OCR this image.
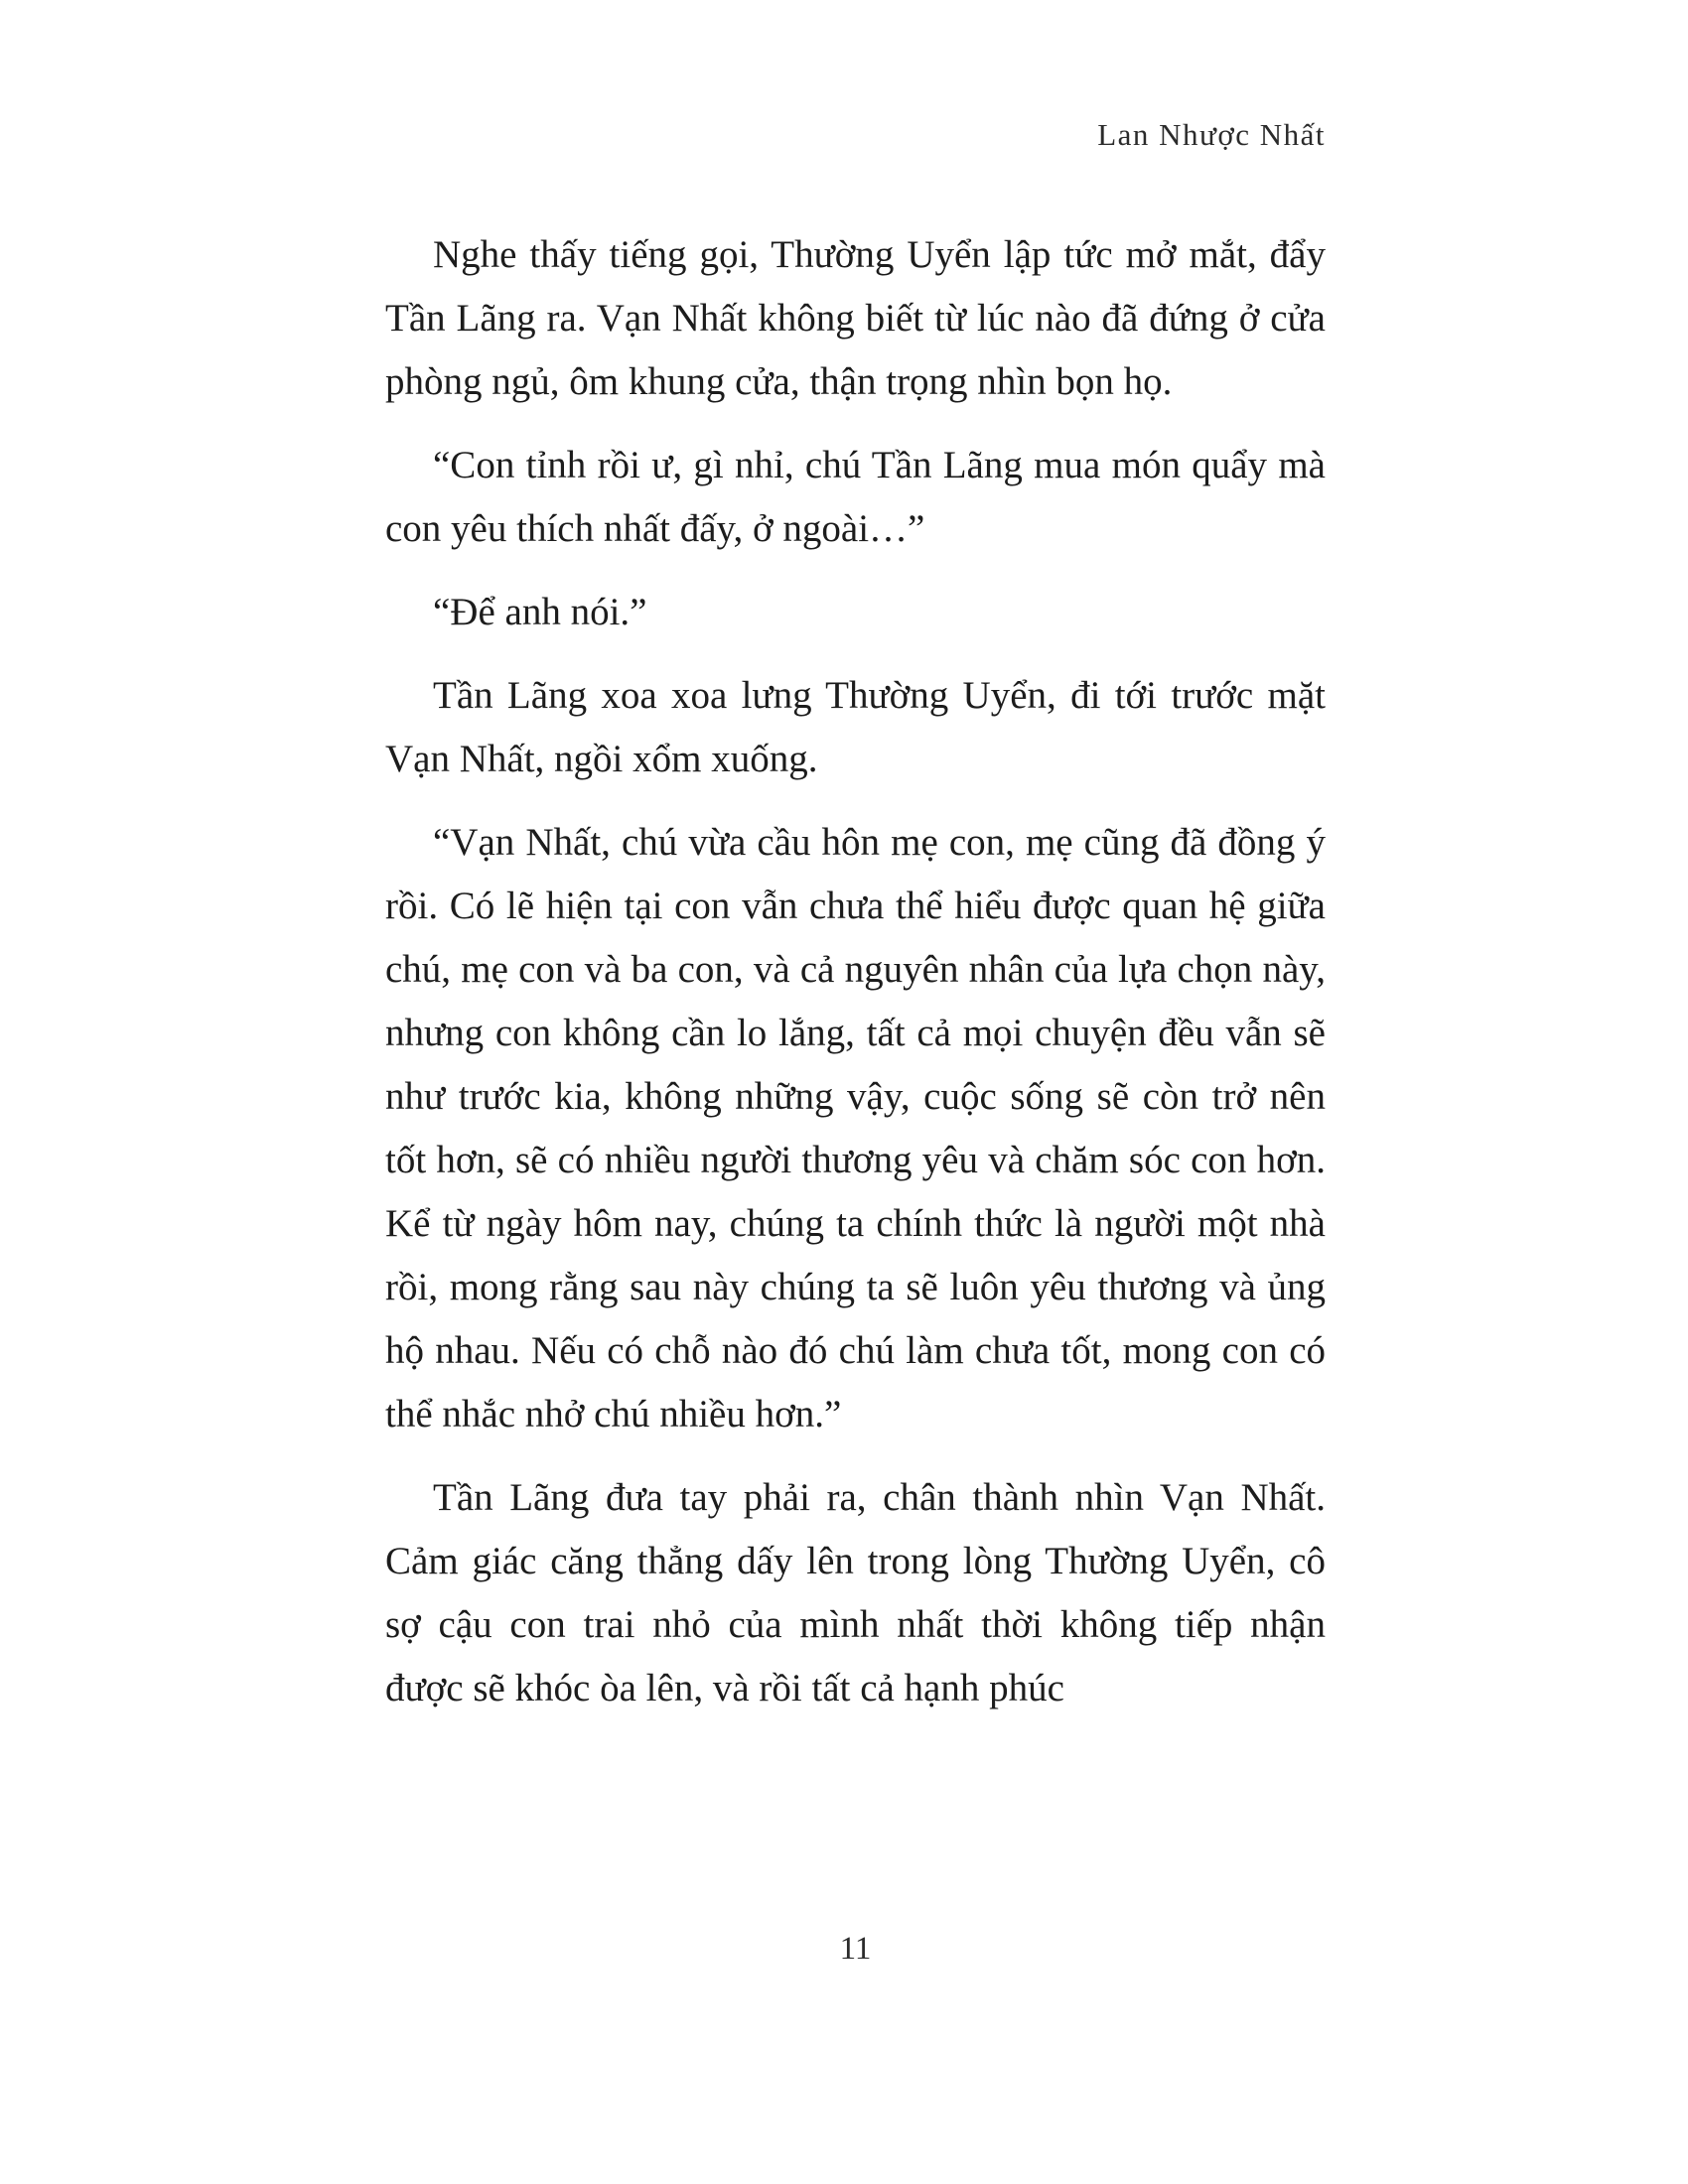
Lan Nhược Nhất

Nghe thấy tiếng gọi, Thường Uyển lập tức mở mắt, đẩy Tần Lãng ra. Vạn Nhất không biết từ lúc nào đã đứng ở cửa phòng ngủ, ôm khung cửa, thận trọng nhìn bọn họ.

“Con tỉnh rồi ư, gì nhỉ, chú Tần Lãng mua món quẩy mà con yêu thích nhất đấy, ở ngoài…”

“Để anh nói.”

Tần Lãng xoa xoa lưng Thường Uyển, đi tới trước mặt Vạn Nhất, ngồi xổm xuống.

“Vạn Nhất, chú vừa cầu hôn mẹ con, mẹ cũng đã đồng ý rồi. Có lẽ hiện tại con vẫn chưa thể hiểu được quan hệ giữa chú, mẹ con và ba con, và cả nguyên nhân của lựa chọn này, nhưng con không cần lo lắng, tất cả mọi chuyện đều vẫn sẽ như trước kia, không những vậy, cuộc sống sẽ còn trở nên tốt hơn, sẽ có nhiều người thương yêu và chăm sóc con hơn. Kể từ ngày hôm nay, chúng ta chính thức là người một nhà rồi, mong rằng sau này chúng ta sẽ luôn yêu thương và ủng hộ nhau. Nếu có chỗ nào đó chú làm chưa tốt, mong con có thể nhắc nhở chú nhiều hơn.”

Tần Lãng đưa tay phải ra, chân thành nhìn Vạn Nhất. Cảm giác căng thẳng dấy lên trong lòng Thường Uyển, cô sợ cậu con trai nhỏ của mình nhất thời không tiếp nhận được sẽ khóc òa lên, và rồi tất cả hạnh phúc

11
